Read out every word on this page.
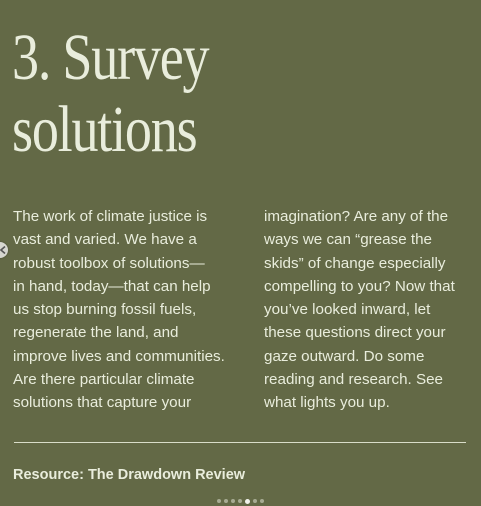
3. Survey
solutions
The work of climate justice is
vast and varied. We have a
robust toolbox of solutions—
in hand, today—that can help
us stop burning fossil fuels,
regenerate the land, and
improve lives and communities.
Are there particular climate
solutions that capture your
imagination? Are any of the
ways we can “grease the
skids” of change especially
compelling to you? Now that
you’ve looked inward, let
these questions direct your
gaze outward. Do some
reading and research. See
what lights you up.
Resource: The Drawdown Review
